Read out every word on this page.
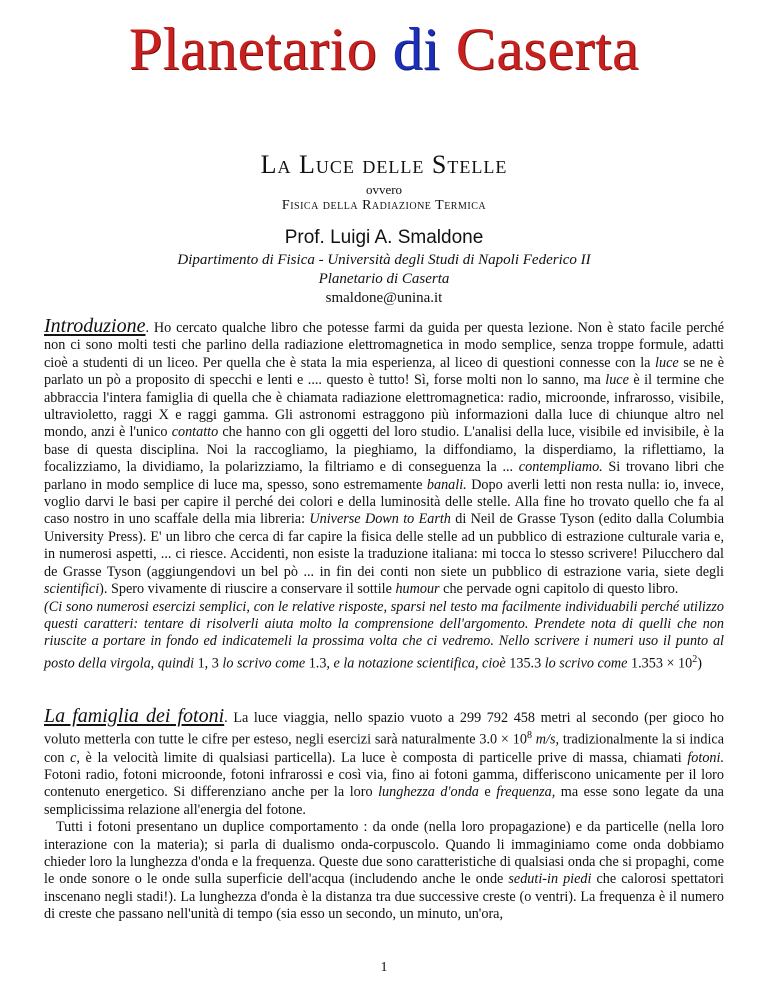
Planetario di Caserta
La Luce delle Stelle
ovvero
Fisica della Radiazione Termica
Prof. Luigi A. Smaldone
Dipartimento di Fisica - Università degli Studi di Napoli Federico II
Planetario di Caserta
smaldone@unina.it

Introduzione. Ho cercato qualche libro che potesse farmi da guida per questa lezione. Non è stato facile perché non ci sono molti testi che parlino della radiazione elettromagnetica in modo semplice, senza troppe formule, adatti cioè a studenti di un liceo. Per quella che è stata la mia esperienza, al liceo di questioni connesse con la luce se ne è parlato un pò a proposito di specchi e lenti e .... questo è tutto! Sì, forse molti non lo sanno, ma luce è il termine che abbraccia l'intera famiglia di quella che è chiamata radiazione elettromagnetica: radio, microonde, infrarosso, visibile, ultravioletto, raggi X e raggi gamma. Gli astronomi estraggono più informazioni dalla luce di chiunque altro nel mondo, anzi è l'unico contatto che hanno con gli oggetti del loro studio. L'analisi della luce, visibile ed invisibile, è la base di questa disciplina. Noi la raccogliamo, la pieghiamo, la diffondiamo, la disperdiamo, la riflettiamo, la focalizziamo, la dividiamo, la polarizziamo, la filtriamo e di conseguenza la ... contempliamo. Si trovano libri che parlano in modo semplice di luce ma, spesso, sono estremamente banali. Dopo averli letti non resta nulla: io, invece, voglio darvi le basi per capire il perché dei colori e della luminosità delle stelle. Alla fine ho trovato quello che fa al caso nostro in uno scaffale della mia libreria: Universe Down to Earth di Neil de Grasse Tyson (edito dalla Columbia University Press). E' un libro che cerca di far capire la fisica delle stelle ad un pubblico di estrazione culturale varia e, in numerosi aspetti, ... ci riesce. Accidenti, non esiste la traduzione italiana: mi tocca lo stesso scrivere! Pilucchero dal de Grasse Tyson (aggiungendovi un bel pò ... in fin dei conti non siete un pubblico di estrazione varia, siete degli scientifici). Spero vivamente di riuscire a conservare il sottile humour che pervade ogni capitolo di questo libro.

(Ci sono numerosi esercizi semplici, con le relative risposte, sparsi nel testo ma facilmente individuabili perché utilizzo questi caratteri: tentare di risolverli aiuta molto la comprensione dell'argomento. Prendete nota di quelli che non riuscite a portare in fondo ed indicatemeli la prossima volta che ci vedremo. Nello scrivere i numeri uso il punto al posto della virgola, quindi 1, 3 lo scrivo come 1.3, e la notazione scientifica, cioè 135.3 lo scrivo come $1.353 \times 10^2$)

La famiglia dei fotoni. La luce viaggia, nello spazio vuoto a 299 792 458 metri al secondo (per gioco ho voluto metterla con tutte le cifre per esteso, negli esercizi sarà naturalmente $3.0 \times 10^8$ m/s, tradizionalmente la si indica con c, è la velocità limite di qualsiasi particella). La luce è composta di particelle prive di massa, chiamati fotoni. Fotoni radio, fotoni microonde, fotoni infrarossi e così via, fino ai fotoni gamma, differiscono unicamente per il loro contenuto energetico. Si differenziano anche per la loro lunghezza d'onda e frequenza, ma esse sono legate da una semplicissima relazione all'energia del fotone.

Tutti i fotoni presentano un duplice comportamento : da onde (nella loro propagazione) e da particelle (nella loro interazione con la materia); si parla di dualismo onda-corpuscolo. Quando li immaginiamo come onda dobbiamo chieder loro la lunghezza d'onda e la frequenza. Queste due sono caratteristiche di qualsiasi onda che si propaghi, come le onde sonore o le onde sulla superficie dell'acqua (includendo anche le onde seduti-in piedi che calorosi spettatori inscenano negli stadi!). La lunghezza d'onda è la distanza tra due successive creste (o ventri). La frequenza è il numero di creste che passano nell'unità di tempo (sia esso un secondo, un minuto, un'ora,

1
